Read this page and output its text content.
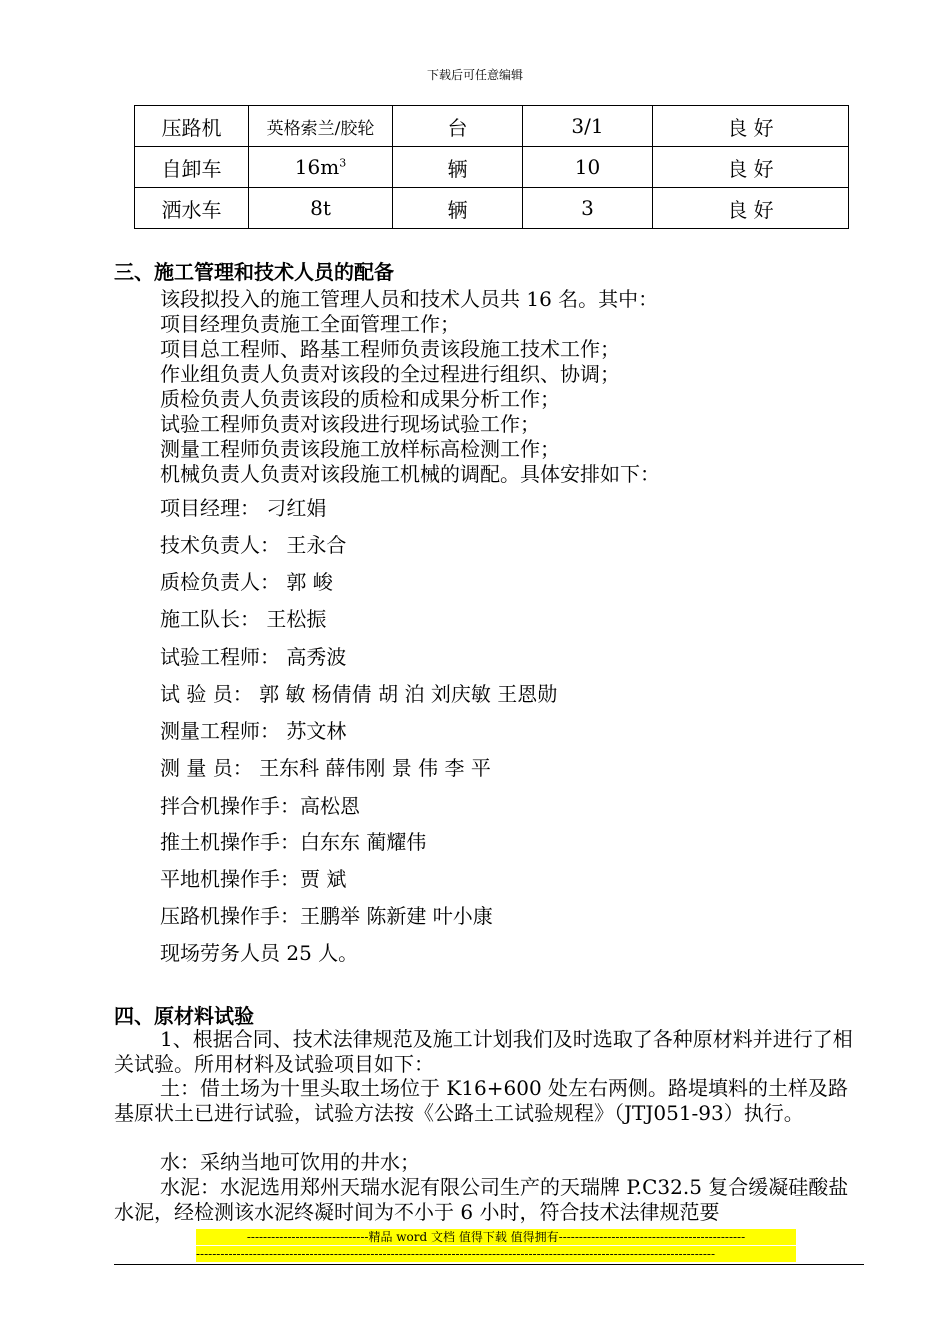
下载后可任意编辑
压路机	英格索兰/胶轮	台	3/1	良 好
自卸车	$16m^3$	辆	10	良 好
洒水车	8t	辆	3	良 好
三、施工管理和技术人员的配备
该段拟投入的施工管理人员和技术人员共 16 名。其中：
项目经理负责施工全面管理工作；
项目总工程师、路基工程师负责该段施工技术工作；
作业组负责人负责对该段的全过程进行组织、协调；
质检负责人负责该段的质检和成果分析工作；
试验工程师负责对该段进行现场试验工作；
测量工程师负责该段施工放样标高检测工作；
机械负责人负责对该段施工机械的调配。具体安排如下：
项目经理： 刁红娟
技术负责人： 王永合
质检负责人： 郭 峻
施工队长： 王松振
试验工程师： 高秀波
试 验 员： 郭 敏 杨倩倩 胡 泊 刘庆敏 王恩勋
测量工程师： 苏文林
测 量 员： 王东科 薛伟刚 景 伟 李 平
拌合机操作手：高松恩
推土机操作手：白东东 蔺耀伟
平地机操作手：贾 斌
压路机操作手：王鹏举 陈新建 叶小康
现场劳务人员 25 人。
四、原材料试验
1、根据合同、技术法律规范及施工计划我们及时选取了各种原材料并进行了相关试验。所用材料及试验项目如下：
土：借土场为十里头取土场位于 K16+600 处左右两侧。路堤填料的土样及路基原状土已进行试验，试验方法按《公路土工试验规程》（JTJ051-93）执行。
水：采纳当地可饮用的井水；
水泥：水泥选用郑州天瑞水泥有限公司生产的天瑞牌 P.C32.5 复合缓凝硅酸盐水泥，经检测该水泥终凝时间为不小于 6 小时，符合技术法律规范要
------------------------------精品 word 文档 值得下载 值得拥有----------------------------------------------
--------------------------------------------------------------------------------------------------------------------------------
